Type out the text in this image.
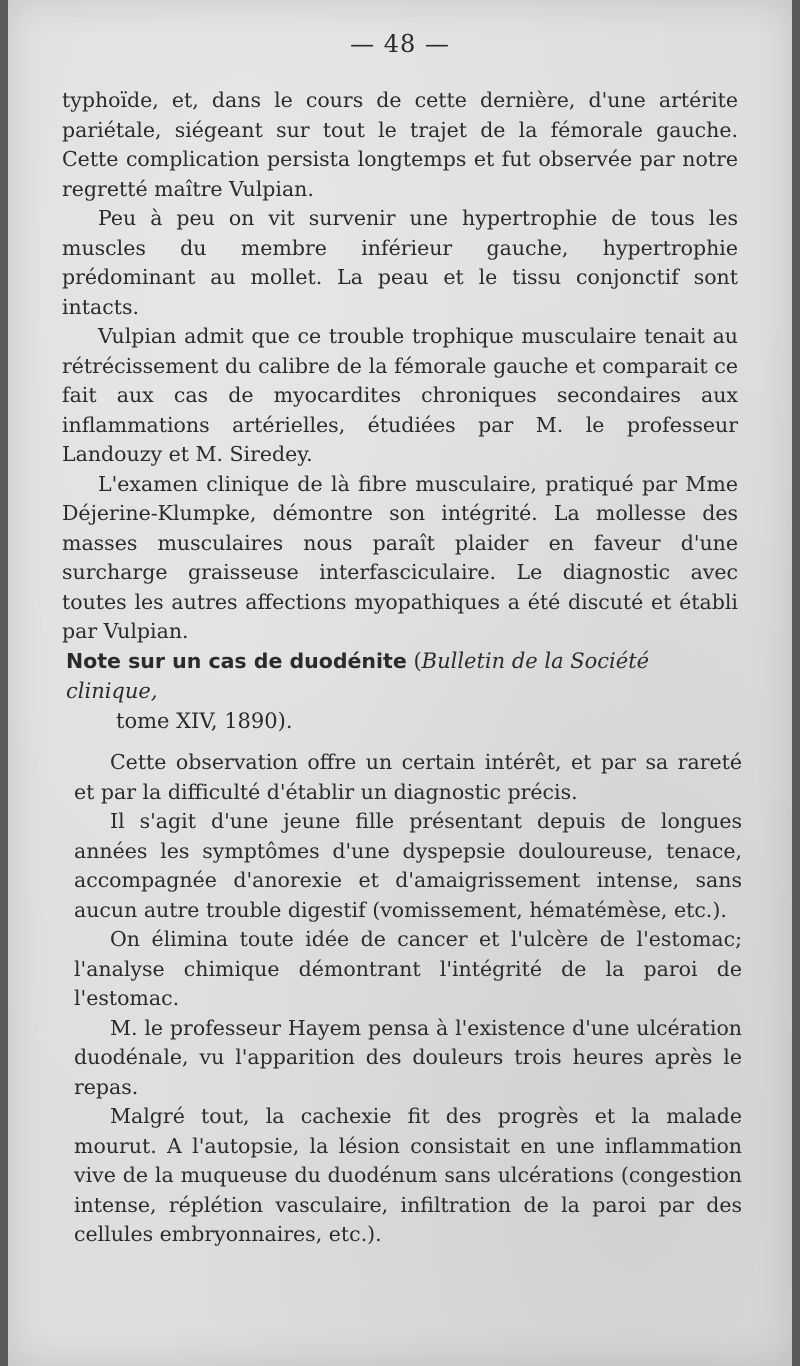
— 48 —

typhoïde, et, dans le cours de cette dernière, d'une artérite pariétale, siégeant sur tout le trajet de la fémorale gauche. Cette complication persista longtemps et fut observée par notre regretté maître Vulpian.

Peu à peu on vit survenir une hypertrophie de tous les muscles du membre inférieur gauche, hypertrophie prédominant au mollet. La peau et le tissu conjonctif sont intacts.

Vulpian admit que ce trouble trophique musculaire tenait au rétrécissement du calibre de la fémorale gauche et comparait ce fait aux cas de myocardites chroniques secondaires aux inflammations artérielles, étudiées par M. le professeur Landouzy et M. Siredey.

L'examen clinique de là fibre musculaire, pratiqué par Mme Déjerine-Klumpke, démontre son intégrité. La mollesse des masses musculaires nous paraît plaider en faveur d'une surcharge graisseuse interfasciculaire. Le diagnostic avec toutes les autres affections myopathiques a été discuté et établi par Vulpian.

Note sur un cas de duodénite (Bulletin de la Société clinique,
tome XIV, 1890).

Cette observation offre un certain intérêt, et par sa rareté et par la difficulté d'établir un diagnostic précis.

Il s'agit d'une jeune fille présentant depuis de longues années les symptômes d'une dyspepsie douloureuse, tenace, accompagnée d'anorexie et d'amaigrissement intense, sans aucun autre trouble digestif (vomissement, hématémèse, etc.).

On élimina toute idée de cancer et l'ulcère de l'estomac; l'analyse chimique démontrant l'intégrité de la paroi de l'estomac.

M. le professeur Hayem pensa à l'existence d'une ulcération duodénale, vu l'apparition des douleurs trois heures après le repas.

Malgré tout, la cachexie fit des progrès et la malade mourut. A l'autopsie, la lésion consistait en une inflammation vive de la muqueuse du duodénum sans ulcérations (congestion intense, réplétion vasculaire, infiltration de la paroi par des cellules embryonnaires, etc.).
